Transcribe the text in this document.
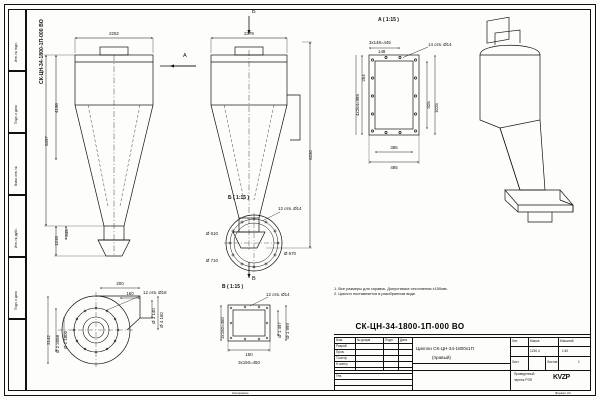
Инв. № подл.
Подп. и дата
Взам. инв. №
Инв. № дубл.
Подп. и дата
СК-ЦН-34-1800-1П-000 ВО	2252
4198
5397
1318
845
A
Б
2379
6220
В
A ( 1:15 )
3x148=445
148
14 отв. Ø14
264
4x264=985	925 1025
385
485
Б ( 1:15 )
12 отв. Ø14
Ø 610
Ø 710
Ø 670
В ( 1:15 )
12 отв. Ø14
3x150=450	Ø 1 497 Ø 1 999
150
3x150=450
200
160 12 отв. Ø18
2142 Ø 2 2088 Ø 1 1800
Ø 3 140 Ø 4 160
1. Все размеры для справок. Допустимые отклонения ±100мм.
2. Циклон поставляется в разобранном виде.
СК-ЦН-34-1800-1П-000 ВО
Изм.	№ докум.	Подп. Дата
Разраб.
Пров.
Т.контр.
Н.контр.
Утв.
Циклон СК-ЦН-34-1800х1П
(правый)
Лит.	Масса	Масштаб
1230,4	1:40
Лист	Листов	1
Приведенный
чертеж РЭП	KVZP
Копировать	Формат A3
